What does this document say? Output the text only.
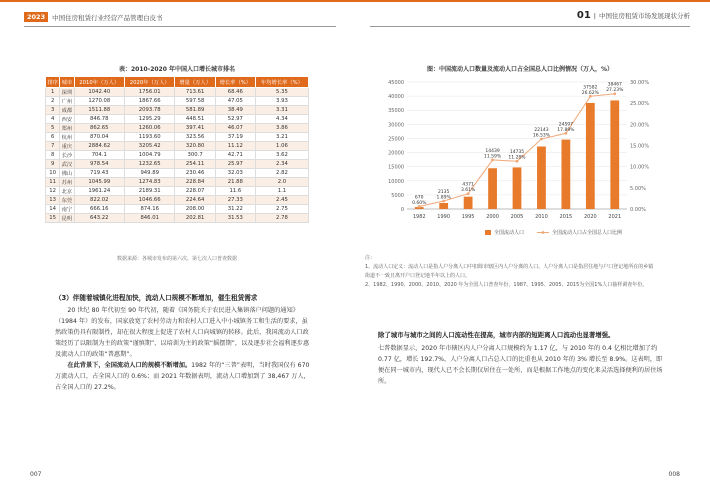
2023	中国住房租赁行业经营产品管理白皮书	01 | 中国住房租赁市场发展现状分析
表：2010-2020 年中国人口增长城市排名
排序	城市	2010年（万人）	2020年（万人）	增量（万人）	增长率（%）	年均增长率（%）
1	深圳	1042.40	1756.01	713.61	68.46	5.35
2	广州	1270.08	1867.66	597.58	47.05	3.93
3	成都	1511.88	2093.78	581.89	38.49	3.31
4	西安	846.78	1295.29	448.51	52.97	4.34
5	郑州	862.65	1260.06	397.41	46.07	3.86
6	杭州	870.04	1193.60	323.56	37.19	3.21
7	重庆	2884.62	3205.42	320.80	11.12	1.06
8	长沙	704.1	1004.79	300.7	42.71	3.62
9	武汉	978.54	1232.65	254.11	25.97	2.34
10	佛山	719.43	949.89	230.46	32.03	2.82
11	苏州	1045.99	1274.83	228.84	21.88	2.0
12	北京	1961.24	2189.31	228.07	11.6	1.1
13	东莞	822.02	1046.66	224.64	27.33	2.45
14	南宁	666.16	874.16	208.00	31.22	2.75
15	昆明	643.22	846.01	202.81	31.53	2.78
数据来源：各城市发布的第六次、第七次人口普查数据
（3）伴随着城镇化进程加快，流动人口规模不断增加，催生租赁需求

20 世纪 80 年代初至 90 年代初，随着《国务院关于农民进入集镇落户问题的通知》（1984 年）的发布，国家放宽了农村劳动力和农村人口进入中小城镇务工和生活的要求，虽然政策仍具有限制性，却在很大程度上促进了农村人口向城镇的转移。此后，我国流动人口政策经历了以限制为主的政策“谨慎期”、以培训为主的政策“摇摆期”，以及逐步社会福利逐步惠及流动人口的政策“普惠期”。

在此背景下，全国流动人口的规模不断增加。1982 年的“三普”表明，当时我国仅有 670 万流动人口，占全国人口的 0.6%；而 2021 年数据表明，流动人口增加到了 38,467 万人，占全国人口的 27.2%。

图：中国流动人口数量及流动人口占全国总人口比例情况（万人，%）
0
5000
10000
15000
20000
25000
30000
35000
40000
45000
0.00%
5.00%
10.00%
15.00%
20.00%
25.00%
30.00%
1982 1990 1995 2000 2005 2010 2015 2020 2021
670
0.60%
2135
1.89%
4371
3.61%
14439
11.59%
14735
11.28%
22143
16.53%
24597
17.89%
37582
26.62%
38467
27.23%
全国流动人口	全国流动人口占全国总人口比例
注：
1、流动人口定义：流动人口是指人户分离人口中扣除市辖区内人户分离的人口。人户分离人口是指居住地与户口登记地所在的乡镇街道不一致且离开户口登记地半年以上的人口。
2、1982、1990、2000、2010、2020 年为全国人口普查年份，1987、1995、2005、2015为全国1%人口抽样调查年份。
除了城市与城市之间的人口流动性在提高，城市内部的短距离人口流动也显著增强。

七普数据显示，2020 年市辖区内人户分离人口规模约为 1.17 亿，与 2010 年的 0.4 亿相比增加了约 0.77 亿，增长 192.7%，人户分离人口占总人口的比重也从 2010 年的 3% 增长至 8.9%。这表明，即便在同一城市内，现代人已不会长期仅居住在一处所，而是根据工作地点的变化来灵活选择便利的居住场所。

007	008
